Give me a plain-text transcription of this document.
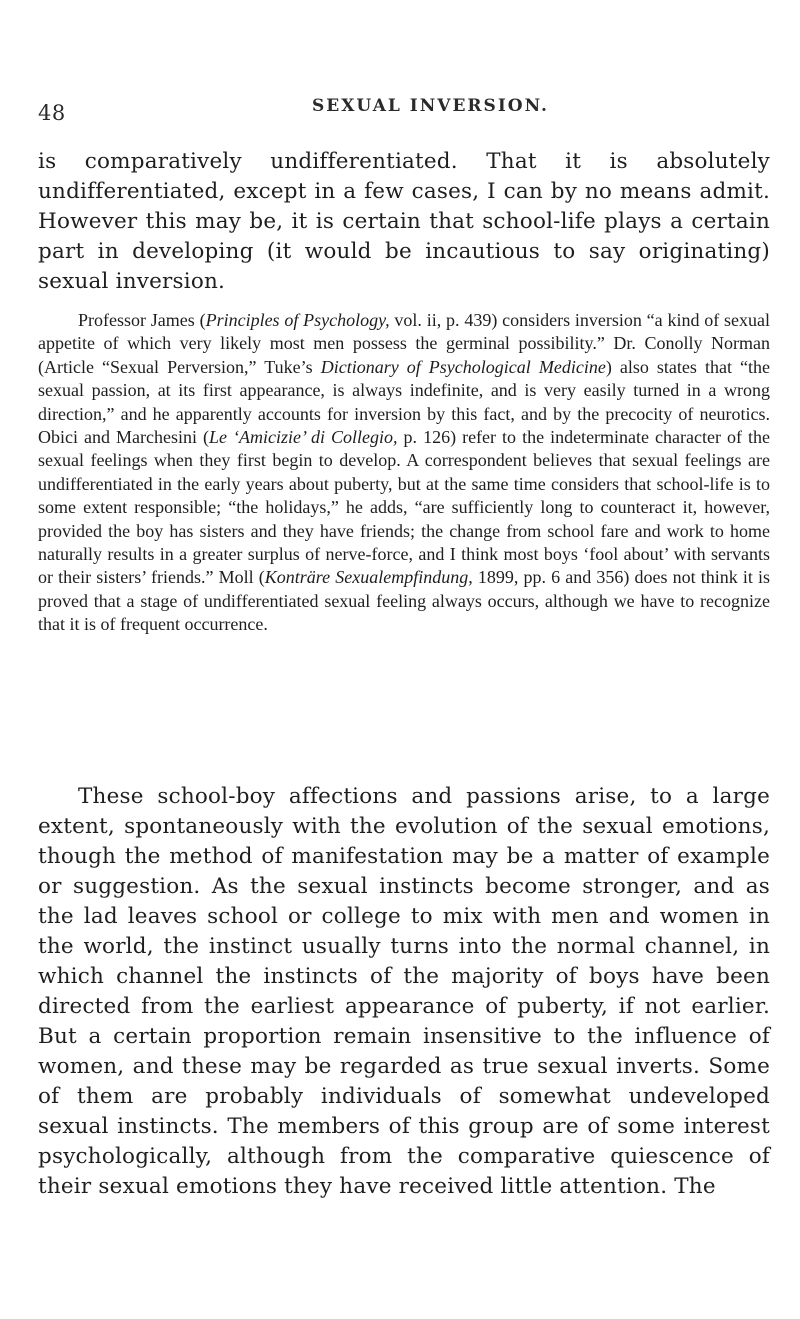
48	SEXUAL INVERSION.

is comparatively undifferentiated. That it is absolutely undifferentiated, except in a few cases, I can by no means admit. However this may be, it is certain that school-life plays a certain part in developing (it would be incautious to say originating) sexual inversion.

Professor James (Principles of Psychology, vol. ii, p. 439) considers inversion “a kind of sexual appetite of which very likely most men possess the germinal possibility.” Dr. Conolly Norman (Article “Sexual Perversion,” Tuke’s Dictionary of Psychological Medicine) also states that “the sexual passion, at its first appearance, is always indefinite, and is very easily turned in a wrong direction,” and he apparently accounts for inversion by this fact, and by the precocity of neurotics. Obici and Marchesini (Le ‘Amicizie’ di Collegio, p. 126) refer to the indeterminate character of the sexual feelings when they first begin to develop. A correspondent believes that sexual feelings are undifferentiated in the early years about puberty, but at the same time considers that school-life is to some extent responsible; “the holidays,” he adds, “are sufficiently long to counteract it, however, provided the boy has sisters and they have friends; the change from school fare and work to home naturally results in a greater surplus of nerve-force, and I think most boys ‘fool about’ with servants or their sisters’ friends.” Moll (Konträre Sexualempfindung, 1899, pp. 6 and 356) does not think it is proved that a stage of undifferentiated sexual feeling always occurs, although we have to recognize that it is of frequent occurrence.

These school-boy affections and passions arise, to a large extent, spontaneously with the evolution of the sexual emotions, though the method of manifestation may be a matter of example or suggestion. As the sexual instincts become stronger, and as the lad leaves school or college to mix with men and women in the world, the instinct usually turns into the normal channel, in which channel the instincts of the majority of boys have been directed from the earliest appearance of puberty, if not earlier. But a certain proportion remain insensitive to the influence of women, and these may be regarded as true sexual inverts. Some of them are probably individuals of somewhat undeveloped sexual instincts. The members of this group are of some interest psychologically, although from the comparative quiescence of their sexual emotions they have received little attention. The
